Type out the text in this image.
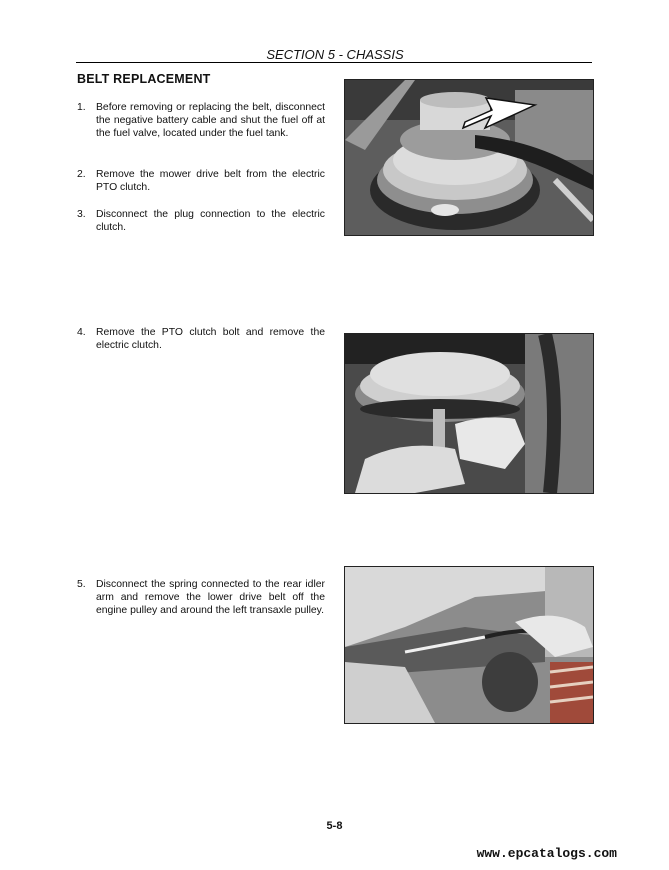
SECTION 5 - CHASSIS
BELT REPLACEMENT
1. Before removing or replacing the belt, disconnect the negative battery cable and shut the fuel off at the fuel valve, located under the fuel tank.
2. Remove the mower drive belt from the electric PTO clutch.
3. Disconnect the plug connection to the electric clutch.
4. Remove the PTO clutch bolt and remove the electric clutch.
5. Disconnect the spring connected to the rear idler arm and remove the lower drive belt off the engine pulley and around the left transaxle pulley.
5-8
www.epcatalogs.com
